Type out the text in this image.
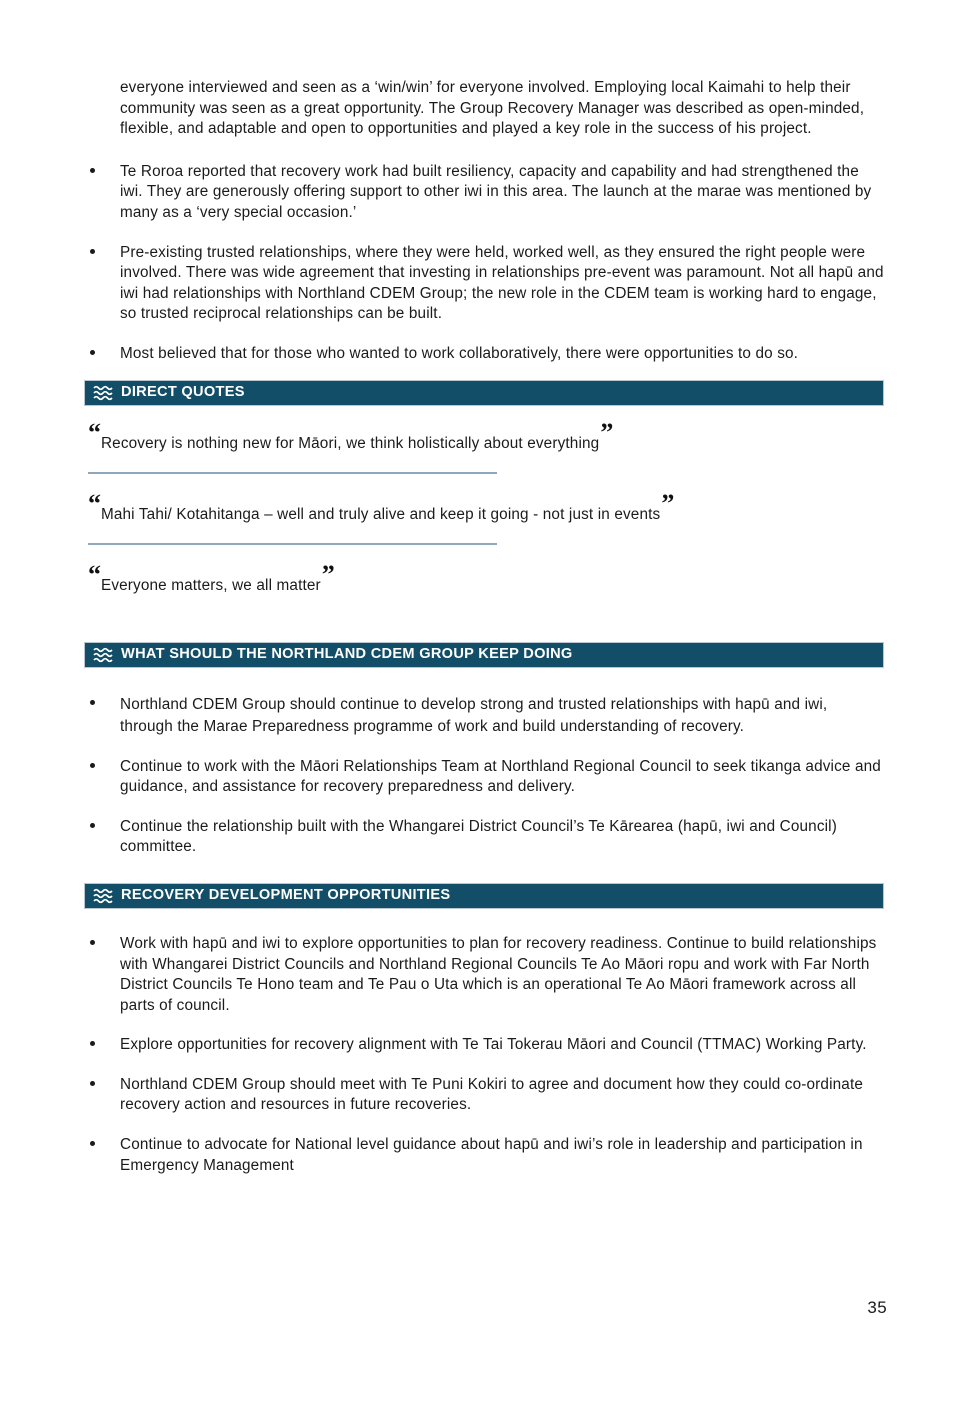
everyone interviewed and seen as a ‘win/win’ for everyone involved. Employing local Kaimahi to help their community was seen as a great opportunity. The Group Recovery Manager was described as open-minded, flexible, and adaptable and open to opportunities and played a key role in the success of his project.

Te Roroa reported that recovery work had built resiliency, capacity and capability and had strengthened the iwi. They are generously offering support to other iwi in this area. The launch at the marae was mentioned by many as a ‘very special occasion.’
Pre-existing trusted relationships, where they were held, worked well, as they ensured the right people were involved. There was wide agreement that investing in relationships pre-event was paramount. Not all hapū and iwi had relationships with Northland CDEM Group; the new role in the CDEM team is working hard to engage, so trusted reciprocal relationships can be built.
Most believed that for those who wanted to work collaboratively, there were opportunities to do so.
DIRECT QUOTES
“Recovery is nothing new for Māori, we think holistically about everything”
“Mahi Tahi/ Kotahitanga – well and truly alive and keep it going - not just in events”
“Everyone matters, we all matter”
WHAT SHOULD THE NORTHLAND CDEM GROUP KEEP DOING
Northland CDEM Group should continue to develop strong and trusted relationships with hapū and iwi, through the Marae Preparedness programme of work and build understanding of recovery.
Continue to work with the Māori Relationships Team at Northland Regional Council to seek tikanga advice and guidance, and assistance for recovery preparedness and delivery.
Continue the relationship built with the Whangarei District Council’s Te Kārearea (hapū, iwi and Council) committee.
RECOVERY DEVELOPMENT OPPORTUNITIES
Work with hapū and iwi to explore opportunities to plan for recovery readiness. Continue to build relationships with Whangarei District Councils and Northland Regional Councils Te Ao Māori ropu and work with Far North District Councils Te Hono team and Te Pau o Uta which is an operational Te Ao Māori framework across all parts of council.
Explore opportunities for recovery alignment with Te Tai Tokerau Māori and Council (TTMAC) Working Party.
Northland CDEM Group should meet with Te Puni Kokiri to agree and document how they could co-ordinate recovery action and resources in future recoveries.
Continue to advocate for National level guidance about hapū and iwi’s role in leadership and participation in Emergency Management
35
